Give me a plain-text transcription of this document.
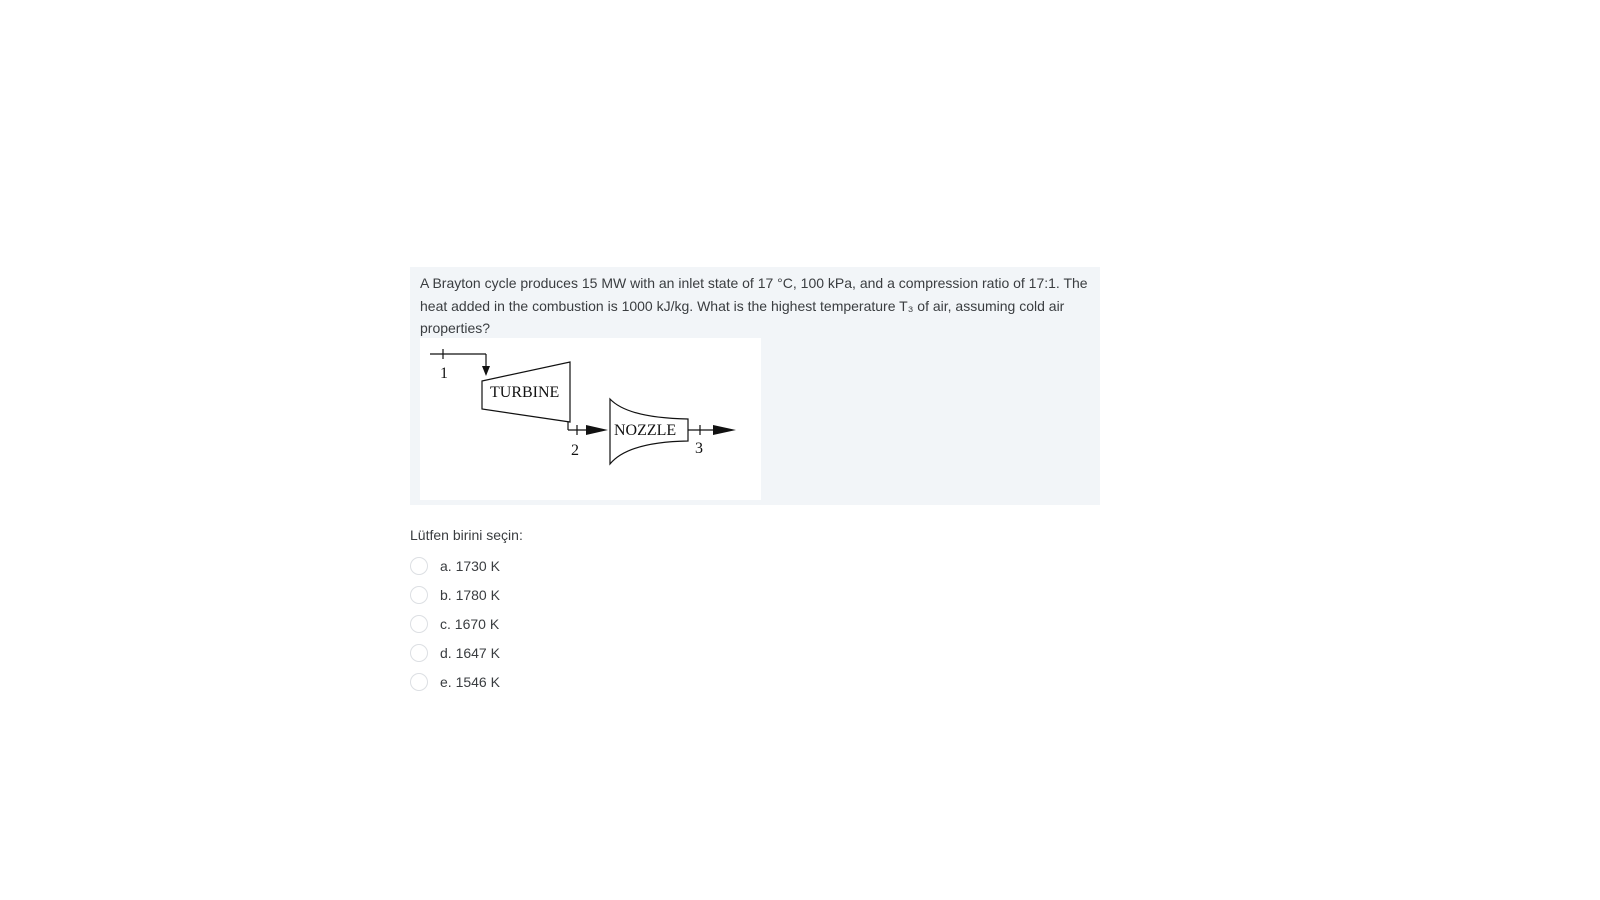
A Brayton cycle produces 15 MW with an inlet state of 17 °C, 100 kPa, and a compression ratio of 17:1. The heat added in the combustion is 1000 kJ/kg. What is the highest temperature T₃ of air, assuming cold air properties?
1
TURBINE
2
NOZZLE
3
Lütfen birini seçin:
a. 1730 K
b. 1780 K
c. 1670 K
d. 1647 K
e. 1546 K
